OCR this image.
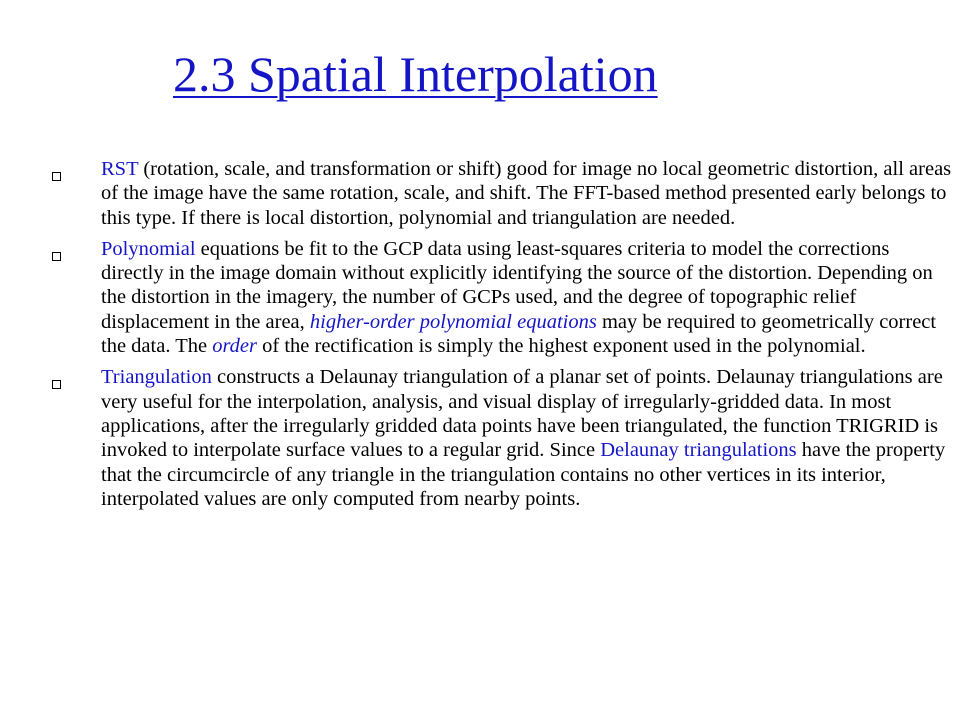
2.3 Spatial Interpolation
RST (rotation, scale, and transformation or shift) good for image no local geometric distortion, all areas of the image have the same rotation, scale, and shift. The FFT-based method presented early belongs to this type. If there is local distortion, polynomial and triangulation are needed.
Polynomial equations be fit to the GCP data using least-squares criteria to model the corrections directly in the image domain without explicitly identifying the source of the distortion. Depending on the distortion in the imagery, the number of GCPs used, and the degree of topographic relief displacement in the area, higher-order polynomial equations may be required to geometrically correct the data. The order of the rectification is simply the highest exponent used in the polynomial.
Triangulation constructs a Delaunay triangulation of a planar set of points. Delaunay triangulations are very useful for the interpolation, analysis, and visual display of irregularly-gridded data. In most applications, after the irregularly gridded data points have been triangulated, the function TRIGRID is invoked to interpolate surface values to a regular grid. Since Delaunay triangulations have the property that the circumcircle of any triangle in the triangulation contains no other vertices in its interior, interpolated values are only computed from nearby points.
